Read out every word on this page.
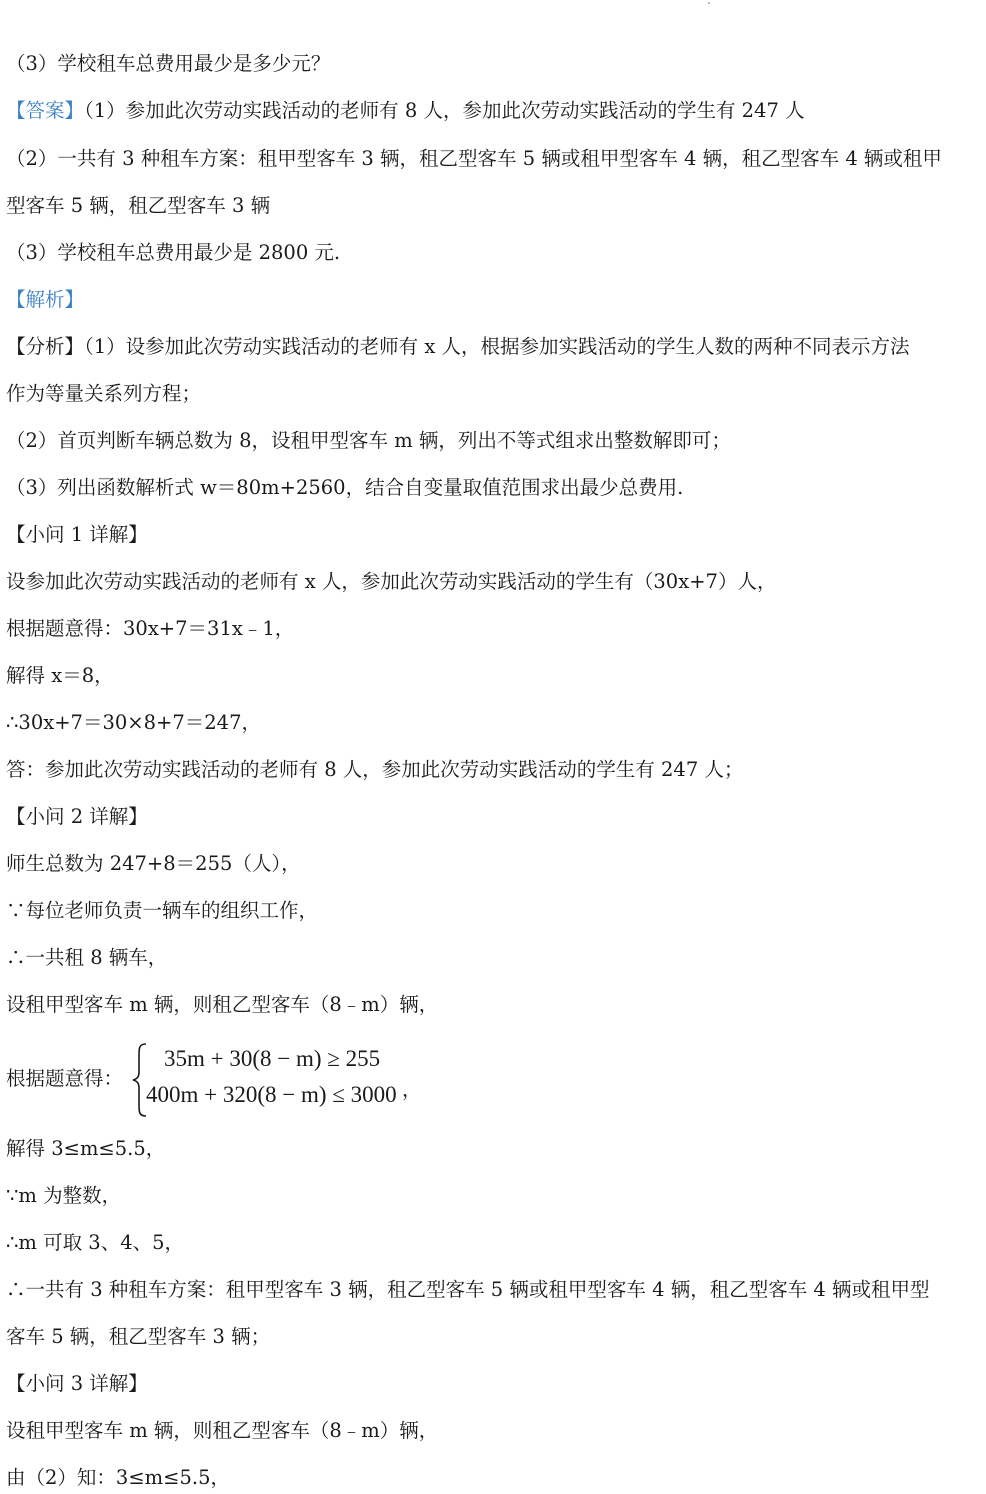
（3）学校租车总费用最少是多少元？
【答案】（1）参加此次劳动实践活动的老师有 8 人，参加此次劳动实践活动的学生有 247 人
（2）一共有 3 种租车方案：租甲型客车 3 辆，租乙型客车 5 辆或租甲型客车 4 辆，租乙型客车 4 辆或租甲
型客车 5 辆，租乙型客车 3 辆
（3）学校租车总费用最少是 2800 元.
【解析】
【分析】（1）设参加此次劳动实践活动的老师有 x 人，根据参加实践活动的学生人数的两种不同表示方法
作为等量关系列方程；
（2）首页判断车辆总数为 8，设租甲型客车 m 辆，列出不等式组求出整数解即可；
（3）列出函数解析式 w＝80m+2560，结合自变量取值范围求出最少总费用.
【小问 1 详解】
设参加此次劳动实践活动的老师有 x 人，参加此次劳动实践活动的学生有（30x+7）人，
根据题意得：30x+7＝31x﹣1，
解得 x＝8，
∴30x+7＝30×8+7＝247，
答：参加此次劳动实践活动的老师有 8 人，参加此次劳动实践活动的学生有 247 人；
【小问 2 详解】
师生总数为 247+8＝255（人），
∵每位老师负责一辆车的组织工作，
∴一共租 8 辆车，
设租甲型客车 m 辆，则租乙型客车（8﹣m）辆，
解得 3≤m≤5.5，
∵m 为整数，
∴m 可取 3、4、5，
∴一共有 3 种租车方案：租甲型客车 3 辆，租乙型客车 5 辆或租甲型客车 4 辆，租乙型客车 4 辆或租甲型
客车 5 辆，租乙型客车 3 辆；
【小问 3 详解】
设租甲型客车 m 辆，则租乙型客车（8﹣m）辆，
由（2）知：3≤m≤5.5，
根据题意得：
35m + 30(8 − m) ≥ 255
400m + 320(8 − m) ≤ 3000 ，
